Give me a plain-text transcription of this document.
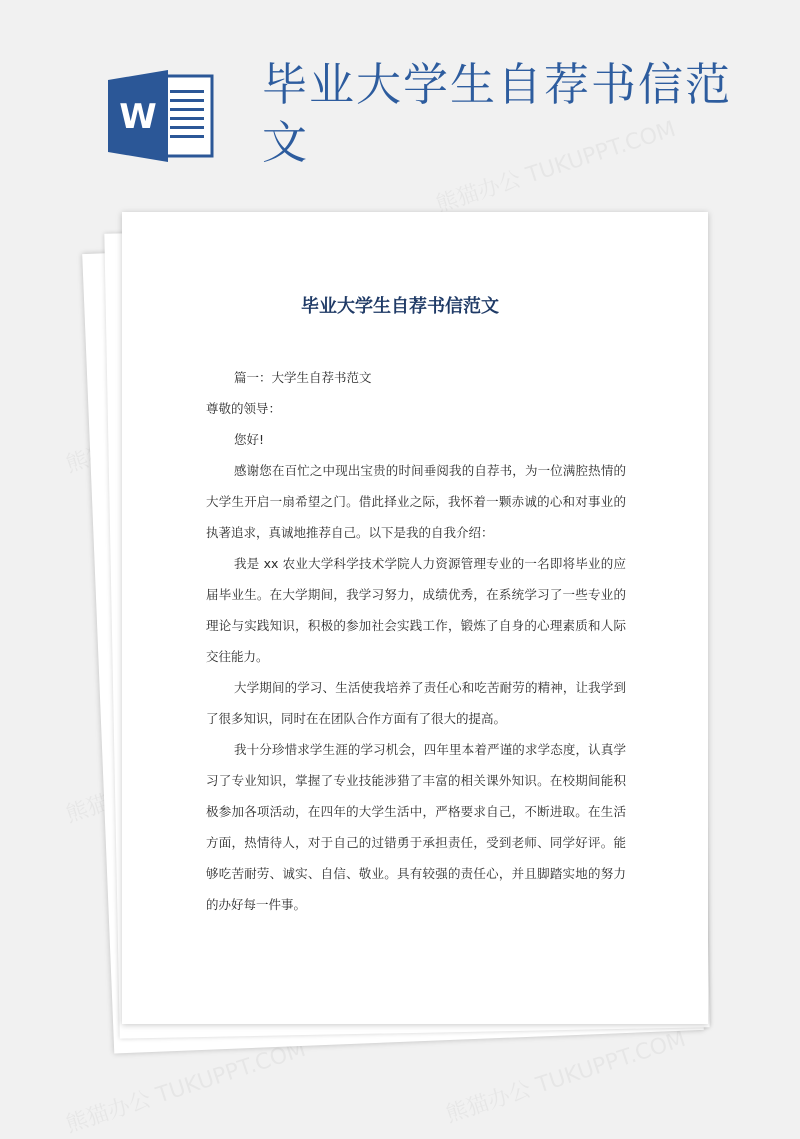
W
毕业大学生自荐书信范文
毕业大学生自荐书信范文

篇一：大学生自荐书范文

尊敬的领导：

您好!

感谢您在百忙之中现出宝贵的时间垂阅我的自荐书，为一位满腔热情的大学生开启一扇希望之门。借此择业之际，我怀着一颗赤诚的心和对事业的执著追求，真诚地推荐自己。以下是我的自我介绍：

我是 xx 农业大学科学技术学院人力资源管理专业的一名即将毕业的应届毕业生。在大学期间，我学习努力，成绩优秀，在系统学习了一些专业的理论与实践知识，积极的参加社会实践工作，锻炼了自身的心理素质和人际交往能力。

大学期间的学习、生活使我培养了责任心和吃苦耐劳的精神，让我学到了很多知识，同时在在团队合作方面有了很大的提高。

我十分珍惜求学生涯的学习机会，四年里本着严谨的求学态度，认真学习了专业知识，掌握了专业技能涉猎了丰富的相关课外知识。在校期间能积极参加各项活动，在四年的大学生活中，严格要求自己，不断进取。在生活方面，热情待人，对于自己的过错勇于承担责任，受到老师、同学好评。能够吃苦耐劳、诚实、自信、敬业。具有较强的责任心，并且脚踏实地的努力的办好每一件事。
